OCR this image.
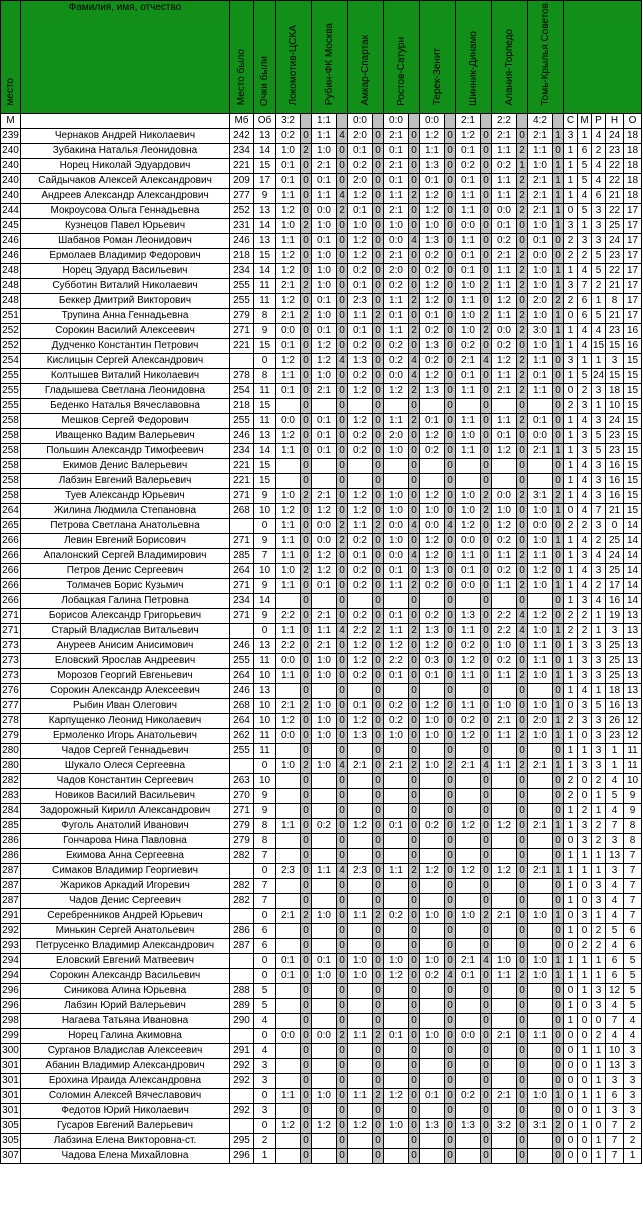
место	Фамилия, имя, отчество	Место было	Очки были	Локомотив-ЦСКА		Рубин-ФК Москва		Амкар-Спартак		Ростов-Сатурн		Терек-Зенит		Шинник-Динамо		Алания-Торпедо		Томь-Крылья Советов						
М		Мб	Об	3:2		1:1		0:0		0:0		0:0		2:1		2:2		4:2		С	М	Р	Н	О
239	Чернаков Андрей Николаевич	242	13	0:2	0	1:1	4	2:0	0	2:1	0	1:2	0	1:2	0	2:1	0	2:1	1	3	1	4	24	18
240	Зубакина Наталья Леонидовна	234	14	1:0	2	1:0	0	0:1	0	0:1	0	1:1	0	0:1	0	1:1	2	1:1	0	1	6	2	23	18
240	Норец Николай Эдуардович	221	15	0:1	0	2:1	0	0:2	0	2:1	0	1:3	0	0:2	0	0:2	1	1:0	1	1	5	4	22	18
240	Сайдычаков Алексей Александрович	209	17	0:1	0	0:1	0	2:0	0	0:1	0	0:1	0	0:1	0	1:1	2	2:1	1	1	5	4	22	18
240	Андреев Александр Александрович	277	9	1:1	0	1:1	4	1:2	0	1:1	2	1:2	0	1:1	0	1:1	2	2:1	1	1	4	6	21	18
244	Мокроусова Ольга Геннадьевна	252	13	1:2	0	0:0	2	0:1	0	2:1	0	1:2	0	1:1	0	0:0	2	2:1	1	0	5	3	22	17
245	Кузнецов Павел Юрьевич	231	14	1:0	2	1:0	0	1:0	0	1:0	0	1:0	0	0:0	0	0:1	0	1:0	1	3	1	3	25	17
246	Шабанов Роман Леонидович	246	13	1:1	0	0:1	0	1:2	0	0:0	4	1:3	0	1:1	0	0:2	0	0:1	0	2	3	3	24	17
246	Ермолаев Владимир Федорович	218	15	1:2	0	1:0	0	1:2	0	2:1	0	0:2	0	0:1	0	2:1	2	0:0	0	2	2	5	23	17
248	Норец Эдуард Васильевич	234	14	1:2	0	1:0	0	0:2	0	2:0	0	0:2	0	0:1	0	1:1	2	1:0	1	1	4	5	22	17
248	Субботин Виталий Николаевич	255	11	2:1	2	1:0	0	0:1	0	0:2	0	1:2	0	1:0	2	1:1	2	1:0	1	3	7	2	21	17
248	Беккер Дмитрий Викторович	255	11	1:2	0	0:1	0	2:3	0	1:1	2	1:2	0	1:1	0	1:2	0	2:0	2	2	6	1	8	17
251	Трупина Анна Геннадьевна	279	8	2:1	2	1:0	0	1:1	2	0:1	0	0:1	0	1:0	2	1:1	2	1:0	1	0	6	5	21	17
252	Сорокин Василий Алексеевич	271	9	0:0	0	0:1	0	0:1	0	1:1	2	0:2	0	1:0	2	0:0	2	3:0	1	1	4	4	23	16
252	Дудченко Константин Петрович	221	15	0:1	0	1:2	0	0:2	0	0:2	0	1:3	0	0:2	0	0:2	0	1:0	1	1	4	15	15	16
254	Кислицын Сергей Александрович		0	1:2	0	1:2	4	1:3	0	0:2	4	0:2	0	2:1	4	1:2	2	1:1	0	3	1	1	3	15
255	Колтышев Виталий Николаевич	278	8	1:1	0	1:0	0	0:2	0	0:0	4	1:2	0	0:1	0	1:1	2	0:1	0	1	5	24	15	15
255	Гладышева Светлана Леонидовна	254	11	0:1	0	2:1	0	1:2	0	1:2	2	1:3	0	1:1	0	2:1	2	1:1	0	0	2	3	18	15
255	Беденко Наталья Вячеславовна	218	15		0		0		0		0		0		0		0		0	2	3	1	10	15
258	Мешков Сергей Федорович	255	11	0:0	0	0:1	0	1:2	0	1:1	2	0:1	0	1:1	0	1:1	2	0:1	0	1	4	3	24	15
258	Иващенко Вадим Валерьевич	246	13	1:2	0	0:1	0	0:2	0	2:0	0	1:2	0	1:0	0	0:1	0	0:0	0	1	3	5	23	15
258	Польшин Александр Тимофеевич	234	14	1:1	0	0:1	0	0:2	0	1:0	0	0:2	0	1:1	0	1:2	0	2:1	1	1	3	5	23	15
258	Екимов Денис Валерьевич	221	15		0		0		0		0		0		0		0		0	1	4	3	16	15
258	Лабзин Евгений Валерьевич	221	15		0		0		0		0		0		0		0		0	1	4	3	16	15
258	Туев Александр Юрьевич	271	9	1:0	2	2:1	0	1:2	0	1:0	0	1:2	0	1:0	2	0:0	2	3:1	2	1	4	3	16	15
264	Жилина Людмила Степановна	268	10	1:2	0	1:2	0	1:2	0	1:0	0	1:0	0	1:0	2	1:0	0	1:0	1	0	4	7	21	15
265	Петрова Светлана Анатольевна		0	1:1	0	0:0	2	1:1	2	0:0	4	0:0	4	1:2	0	1:2	0	0:0	0	2	2	3	0	14
266	Левин Евгений Борисович	271	9	1:1	0	0:0	2	0:2	0	1:0	0	1:2	0	0:0	0	0:2	0	1:0	1	1	4	2	25	14
266	Апалонский Сергей Владимирович	285	7	1:1	0	1:2	0	0:1	0	0:0	4	1:2	0	1:1	0	1:1	2	1:1	0	1	3	4	24	14
266	Петров Денис Сергеевич	264	10	1:0	2	1:2	0	0:2	0	0:1	0	1:3	0	0:1	0	0:2	0	1:2	0	1	4	3	25	14
266	Толмачев Борис Кузьмич	271	9	1:1	0	0:1	0	0:2	0	1:1	2	0:2	0	0:0	0	1:1	2	1:0	1	1	4	2	17	14
266	Лобацкая Галина Петровна	234	14		0		0		0		0		0		0		0		0	1	3	4	16	14
271	Борисов Александр Григорьевич	271	9	2:2	0	2:1	0	0:2	0	0:1	0	0:2	0	1:3	0	2:2	4	1:2	0	2	2	1	19	13
271	Старый Владислав Витальевич		0	1:1	0	1:1	4	2:2	2	1:1	2	1:3	0	1:1	0	2:2	4	1:0	1	2	2	1	3	13
273	Ануреев Анисим Анисимович	246	13	2:2	0	2:1	0	1:2	0	1:2	0	1:2	0	0:2	0	1:0	0	1:1	0	1	3	3	25	13
273	Еловский Ярослав Андреевич	255	11	0:0	0	1:0	0	1:2	0	2:2	0	0:3	0	1:2	0	0:2	0	1:1	0	1	3	3	25	13
273	Морозов Георгий Евгеньевич	264	10	1:1	0	1:0	0	0:2	0	0:1	0	0:1	0	1:1	0	1:1	2	1:0	1	1	3	3	25	13
276	Сорокин Александр Алексеевич	246	13		0		0		0		0		0		0		0		0	1	4	1	18	13
277	Рыбин Иван Олегович	268	10	2:1	2	1:0	0	0:1	0	0:2	0	1:2	0	1:1	0	1:0	0	1:0	1	0	3	5	16	13
278	Карпущенко Леонид Николаевич	264	10	1:2	0	1:0	0	1:2	0	0:2	0	1:0	0	0:2	0	2:1	0	2:0	1	2	3	3	26	12
279	Ермоленко Игорь Анатольевич	262	11	0:0	0	1:0	0	1:3	0	1:0	0	1:0	0	1:2	0	1:1	2	1:0	1	1	0	3	23	12
280	Чадов Сергей Геннадьевич	255	11		0		0		0		0		0		0		0		0	1	1	3	1	11
280	Шукало Олеся Сергеевна		0	1:0	2	1:0	4	2:1	0	2:1	2	1:0	2	2:1	4	1:1	2	2:1	1	1	3	3	1	11
282	Чадов Константин Сергеевич	263	10		0		0		0		0		0		0		0		0	2	0	2	4	10
283	Новиков Василий Васильевич	270	9		0		0		0		0		0		0		0		0	2	0	1	5	9
284	Задорожный Кирилл Александрович	271	9		0		0		0		0		0		0		0		0	1	2	1	4	9
285	Фуголь Анатолий Иванович	279	8	1:1	0	0:2	0	1:2	0	0:1	0	0:2	0	1:2	0	1:2	0	2:1	1	1	3	2	7	8
286	Гончарова Нина Павловна	279	8		0		0		0		0		0		0		0		0	0	3	2	3	8
286	Екимова Анна Сергеевна	282	7		0		0		0		0		0		0		0		0	1	1	1	13	7
287	Симаков Владимир Георгиевич		0	2:3	0	1:1	4	2:3	0	1:1	2	1:2	0	1:2	0	1:2	0	2:1	1	1	1	1	3	7
287	Жариков Аркадий Игоревич	282	7		0		0		0		0		0		0		0		0	1	0	3	4	7
287	Чадов Денис Сергеевич	282	7		0		0		0		0		0		0		0		0	1	0	3	4	7
291	Серебренников Андрей Юрьевич		0	2:1	2	1:0	0	1:1	2	0:2	0	1:0	0	1:0	2	2:1	0	1:0	1	0	3	1	4	7
292	Минькин Сергей Анатольевич	286	6		0		0		0		0		0		0		0		0	1	0	2	5	6
293	Петрусенко Владимир Александрович	287	6		0		0		0		0		0		0		0		0	0	2	2	4	6
294	Еловский Евгений Матвеевич		0	0:1	0	0:1	0	1:0	0	1:0	0	1:0	0	2:1	4	1:0	0	1:0	1	1	1	1	6	5
294	Сорокин Александр Васильевич		0	0:1	0	1:0	0	1:0	0	1:2	0	0:2	4	0:1	0	1:1	2	1:0	1	1	1	1	6	5
296	Синикова Алина Юрьевна	288	5		0		0		0		0		0		0		0		0	0	1	3	12	5
296	Лабзин Юрий Валерьевич	289	5		0		0		0		0		0		0		0		0	1	0	3	4	5
298	Нагаева Татьяна Ивановна	290	4		0		0		0		0		0		0		0		0	1	0	0	7	4
299	Норец Галина Акимовна		0	0:0	0	0:0	2	1:1	2	0:1	0	1:0	0	0:0	0	2:1	0	1:1	0	0	0	2	4	4
300	Сурганов Владислав Алексеевич	291	4		0		0		0		0		0		0		0		0	0	1	1	10	3
301	Абанин Владимир Александрович	292	3		0		0		0		0		0		0		0		0	0	0	1	13	3
301	Ерохина Ираида Александровна	292	3		0		0		0		0		0		0		0		0	0	0	1	3	3
301	Соломин Алексей Вячеславович		0	1:1	0	1:0	0	1:1	2	1:2	0	0:1	0	0:2	0	2:1	0	1:0	1	0	1	1	6	3
301	Федотов Юрий Николаевич	292	3		0		0		0		0		0		0		0		0	0	0	1	3	3
305	Гусаров Евгений Валерьевич		0	1:2	0	1:2	0	1:2	0	1:0	0	1:3	0	1:3	0	3:2	0	3:1	2	0	1	0	7	2
305	Лабзина Елена Викторовна-ст.	295	2		0		0		0		0		0		0		0		0	0	0	1	7	2
307	Чадова Елена Михайловна	296	1		0		0		0		0		0		0		0		0	0	0	1	7	1
